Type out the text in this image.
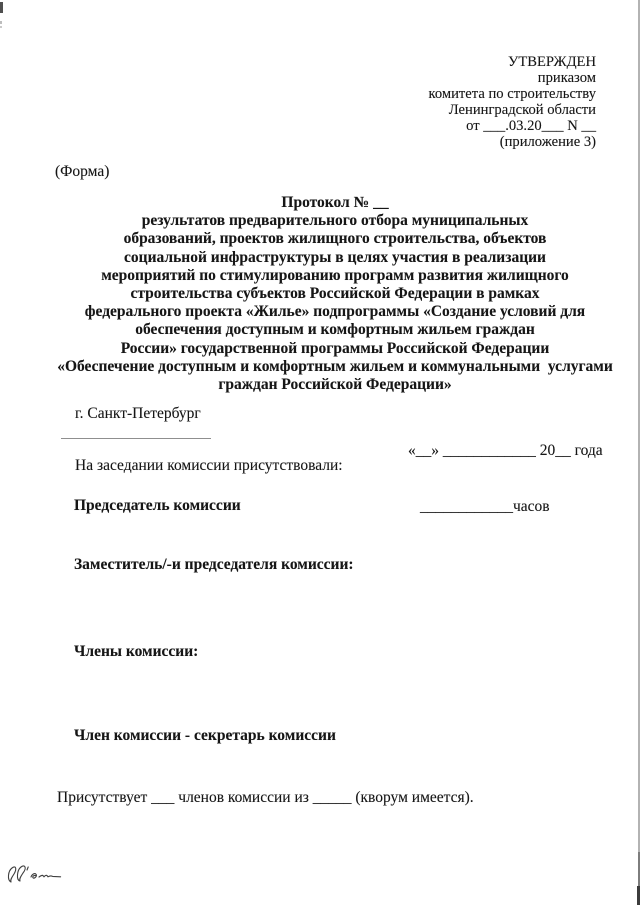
УТВЕРЖДЕН
приказом
комитета по строительству
Ленинградской области
от ___.03.20___ N __
(приложение 3)
(Форма)
Протокол № __
результатов предварительного отбора муниципальных
образований, проектов жилищного строительства, объектов
социальной инфраструктуры в целях участия в реализации
мероприятий по стимулированию программ развития жилищного
строительства субъектов Российской Федерации в рамках
федерального проекта «Жилье» подпрограммы «Создание условий для
обеспечения доступным и комфортным жильем граждан
России» государственной программы Российской Федерации
«Обеспечение доступным и комфортным жильем и коммунальными  услугами
граждан Российской Федерации»
г. Санкт-Петербург

«__» ____________ 20__ года

____________часов

На заседании комиссии присутствовали:
Председатель комиссии
Заместитель/-и председателя комиссии:
Члены комиссии:
Член комиссии - секретарь комиссии
Присутствует ___ членов комиссии из _____ (кворум имеется).
